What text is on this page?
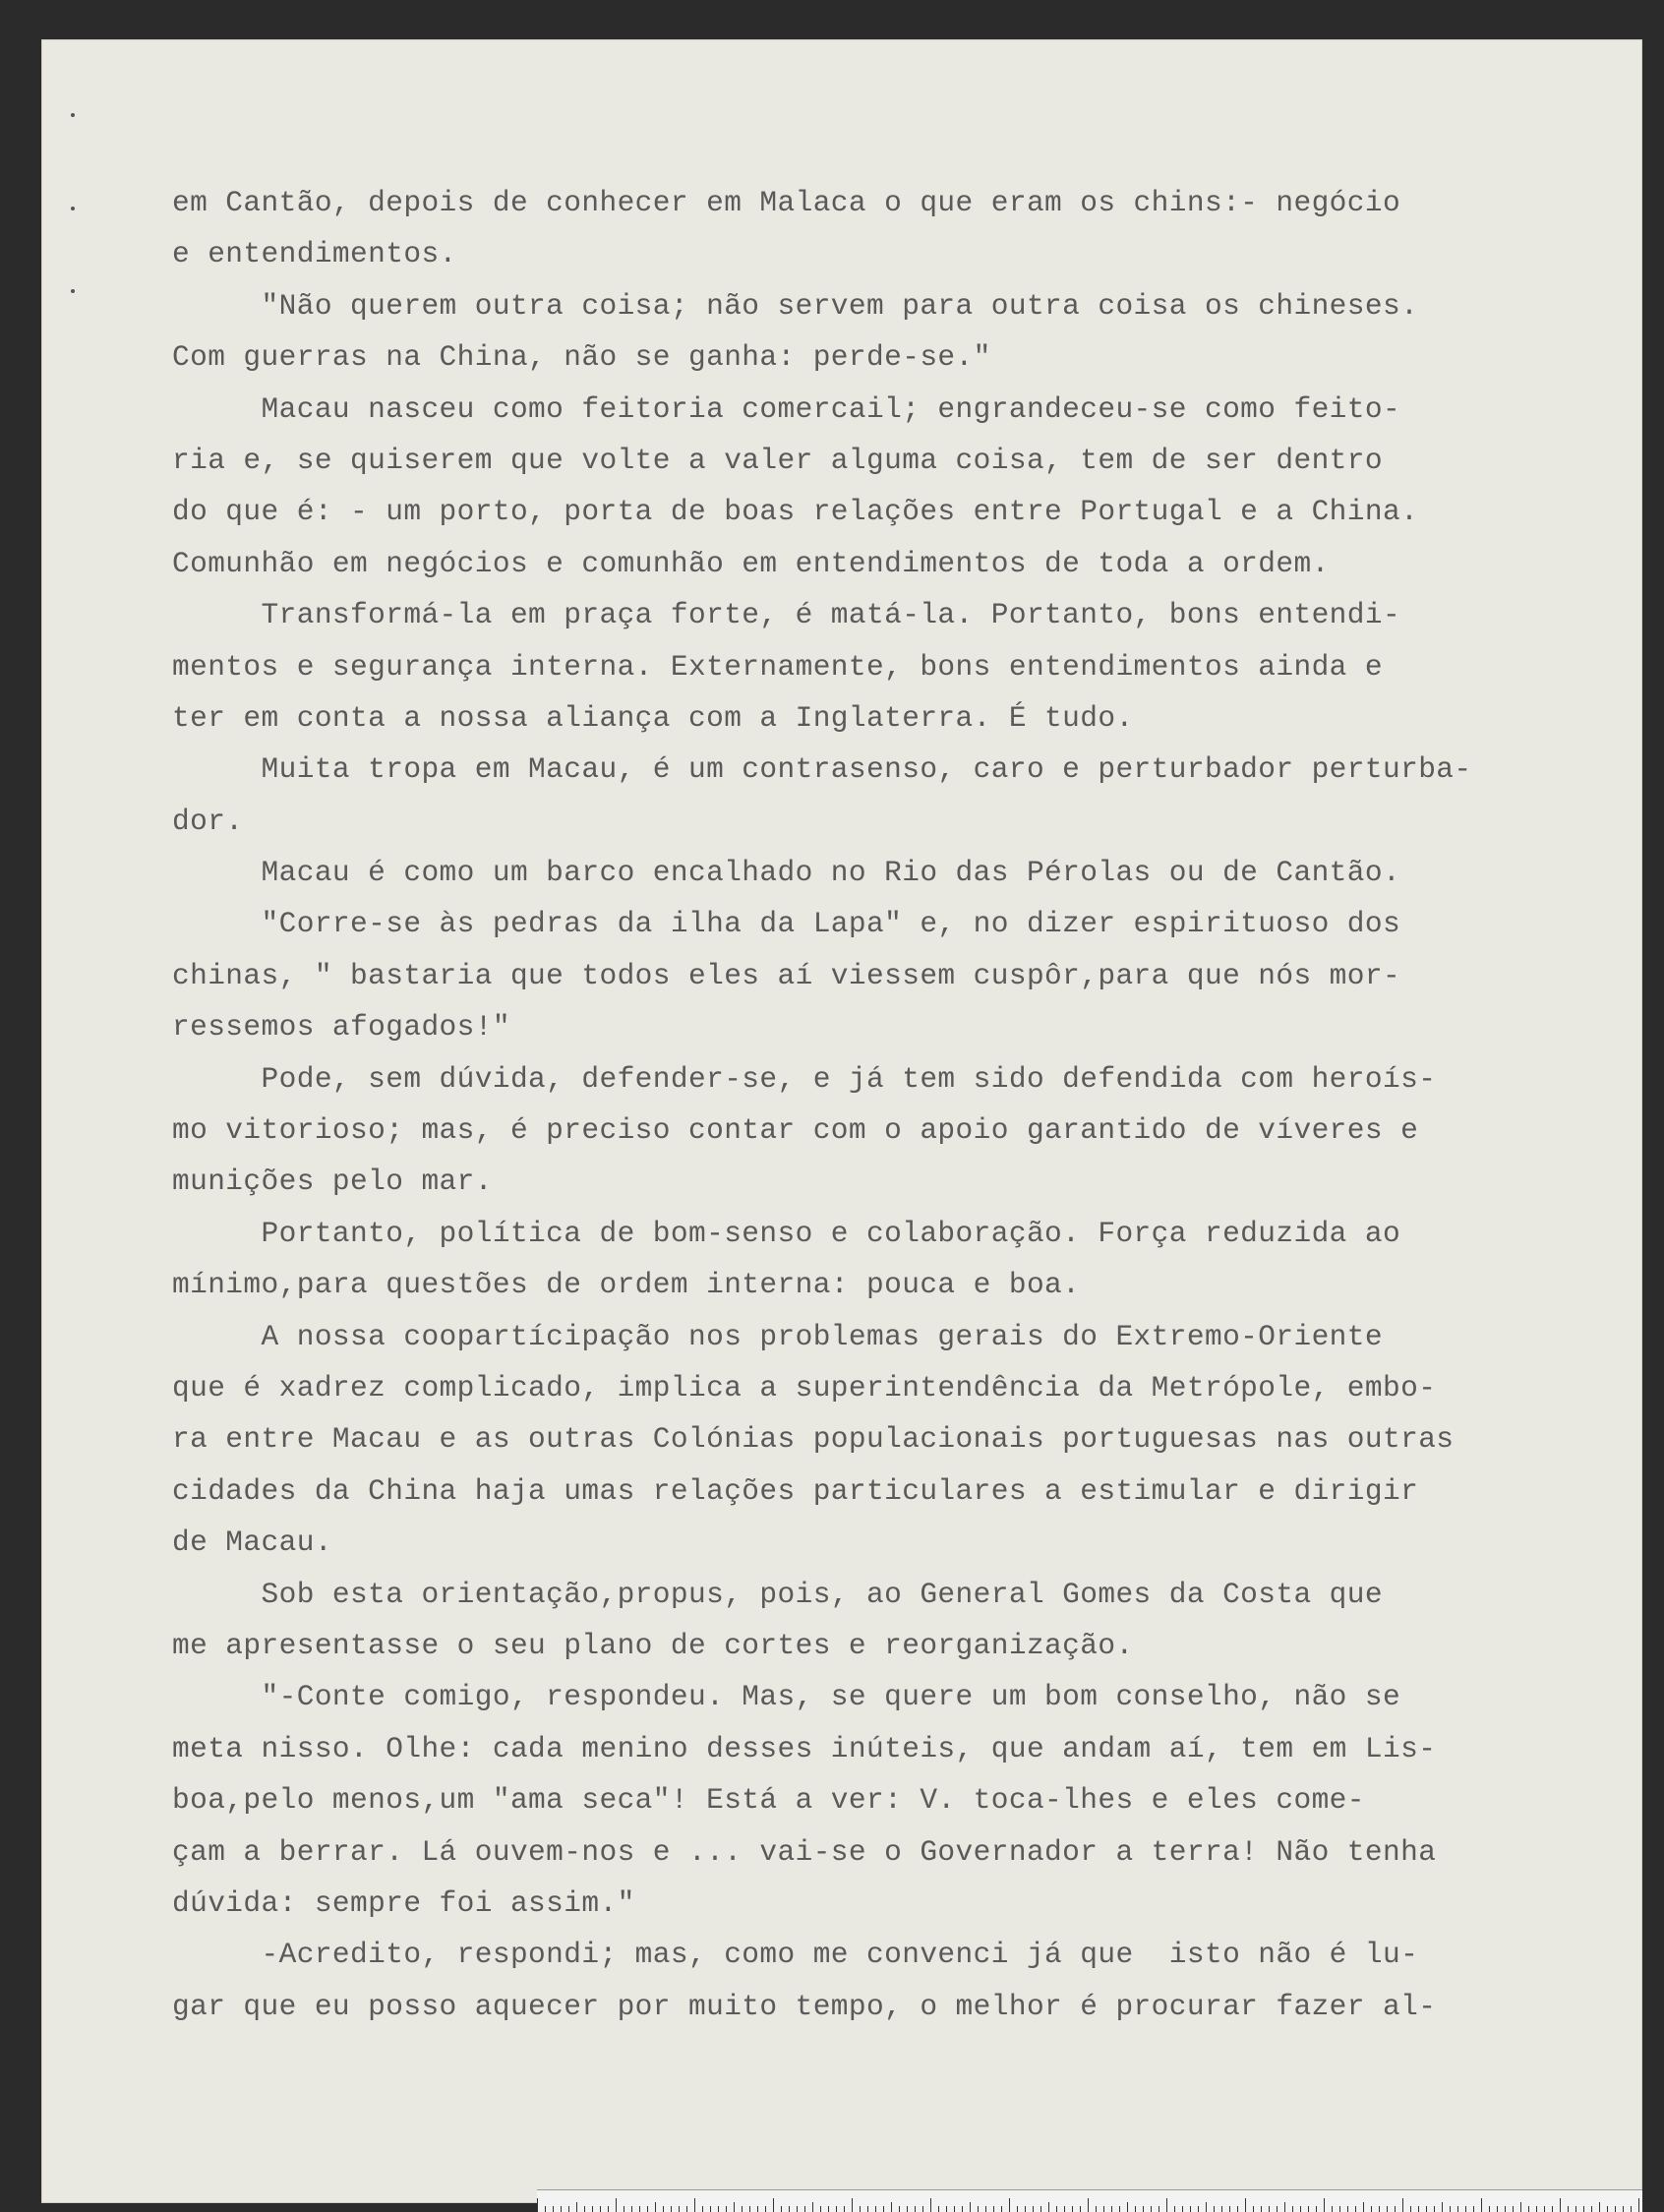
em Cantão, depois de conhecer em Malaca o que eram os chins:- negócio
e entendimentos.
"Não querem outra coisa; não servem para outra coisa os chineses.
Com guerras na China, não se ganha: perde-se."
Macau nasceu como feitoria comercail; engrandeceu-se como feito-
ria e, se quiserem que volte a valer alguma coisa, tem de ser dentro
do que é: - um porto, porta de boas relações entre Portugal e a China.
Comunhão em negócios e comunhão em entendimentos de toda a ordem.
Transformá-la em praça forte, é matá-la. Portanto, bons entendi-
mentos e segurança interna. Externamente, bons entendimentos ainda e
ter em conta a nossa aliança com a Inglaterra. É tudo.
Muita tropa em Macau, é um contrasenso, caro e perturbador perturba-
dor.
Macau é como um barco encalhado no Rio das Pérolas ou de Cantão.
"Corre-se às pedras da ilha da Lapa" e, no dizer espirituoso dos
chinas, " bastaria que todos eles aí viessem cuspôr,para que nós mor-
ressemos afogados!"
Pode, sem dúvida, defender-se, e já tem sido defendida com heroís-
mo vitorioso; mas, é preciso contar com o apoio garantido de víveres e
munições pelo mar.
Portanto, política de bom-senso e colaboração. Força reduzida ao
mínimo,para questões de ordem interna: pouca e boa.
A nossa coopartícipação nos problemas gerais do Extremo-Oriente
que é xadrez complicado, implica a superintendência da Metrópole, embo-
ra entre Macau e as outras Colónias populacionais portuguesas nas outras
cidades da China haja umas relações particulares a estimular e dirigir
de Macau.
Sob esta orientação,propus, pois, ao General Gomes da Costa que
me apresentasse o seu plano de cortes e reorganização.
"-Conte comigo, respondeu. Mas, se quere um bom conselho, não se
meta nisso. Olhe: cada menino desses inúteis, que andam aí, tem em Lis-
boa,pelo menos,um "ama seca"! Está a ver: V. toca-lhes e eles come-
çam a berrar. Lá ouvem-nos e ... vai-se o Governador a terra! Não tenha
dúvida: sempre foi assim."
-Acredito, respondi; mas, como me convenci já que  isto não é lu-
gar que eu posso aquecer por muito tempo, o melhor é procurar fazer al-
